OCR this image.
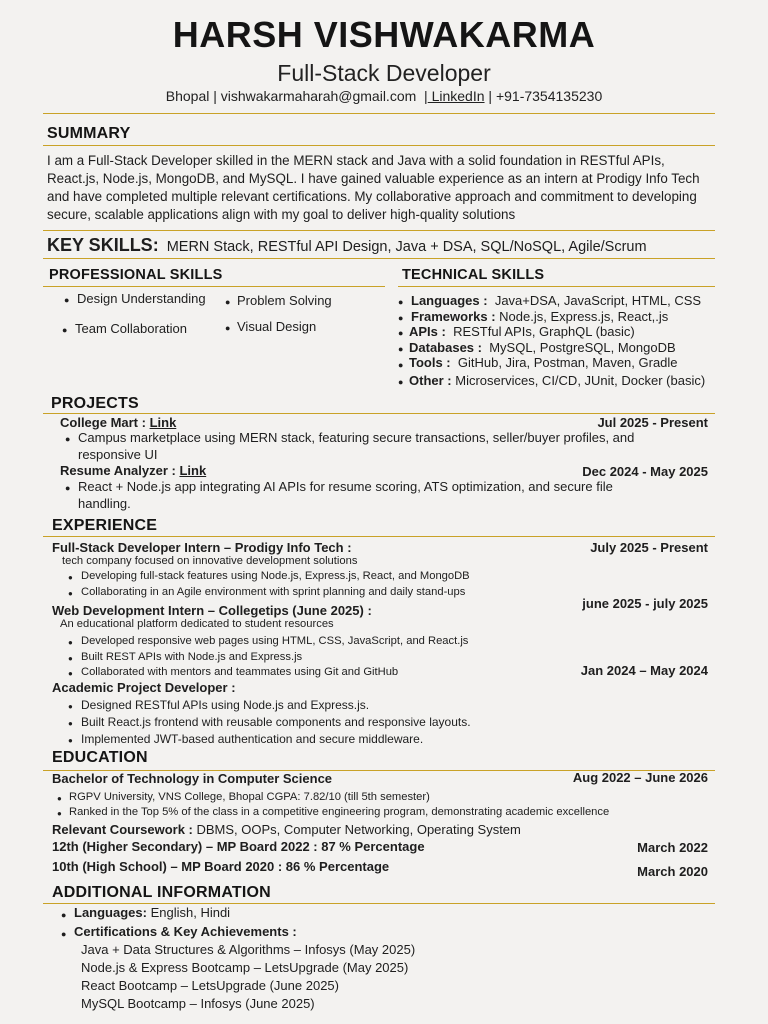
HARSH VISHWAKARMA
Full-Stack Developer
Bhopal | vishwakarmaharah@gmail.com  | LinkedIn | +91-7354135230
SUMMARY
I am a Full-Stack Developer skilled in the MERN stack and Java with a solid foundation in RESTful APIs, React.js, Node.js, MongoDB, and MySQL. I have gained valuable experience as an intern at Prodigy Info Tech and have completed multiple relevant certifications. My collaborative approach and commitment to developing secure, scalable applications align with my goal to deliver high-quality solutions
KEY SKILLS: MERN Stack, RESTful API Design, Java + DSA, SQL/NoSQL, Agile/Scrum
PROFESSIONAL SKILLS
● Design Understanding ● Problem Solving
● Team Collaboration	● Visual Design
TECHNICAL SKILLS
● Languages : Java+DSA, JavaScript, HTML, CSS
● Frameworks : Node.js, Express.js, React,.js
● APIs : RESTful APIs, GraphQL (basic)
● Databases : MySQL, PostgreSQL, MongoDB
● Tools : GitHub, Jira, Postman, Maven, Gradle
● Other : Microservices, CI/CD, JUnit, Docker (basic)
PROJECTS
College Mart : Link	Jul 2025 - Present
● Campus marketplace using MERN stack, featuring secure transactions, seller/buyer profiles, and
responsive UI
Resume Analyzer : Link	Dec 2024 - May 2025
● React + Node.js app integrating AI APIs for resume scoring, ATS optimization, and secure file
handling.
EXPERIENCE
Full-Stack Developer Intern – Prodigy Info Tech :	July 2025 - Present
tech company focused on innovative development solutions
● Developing full-stack features using Node.js, Express.js, React, and MongoDB
● Collaborating in an Agile environment with sprint planning and daily stand-ups
Web Development Intern – Collegetips (June 2025) :	june 2025 - july 2025
An educational platform dedicated to student resources
● Developed responsive web pages using HTML, CSS, JavaScript, and React.js
● Built REST APIs with Node.js and Express.js
● Collaborated with mentors and teammates using Git and GitHub	Jan 2024 – May 2024
Academic Project Developer :
● Designed RESTful APIs using Node.js and Express.js.
● Built React.js frontend with reusable components and responsive layouts.
● Implemented JWT-based authentication and secure middleware.
EDUCATION
Bachelor of Technology in Computer Science	Aug 2022 – June 2026
● RGPV University, VNS College, Bhopal CGPA: 7.82/10 (till 5th semester)
● Ranked in the Top 5% of the class in a competitive engineering program, demonstrating academic excellence
Relevant Coursework : DBMS, OOPs, Computer Networking, Operating System
12th (Higher Secondary) – MP Board 2022 : 87 % Percentage	March 2022
10th (High School) – MP Board 2020 : 86 % Percentage	March 2020
ADDITIONAL INFORMATION
● Languages: English, Hindi
● Certifications & Key Achievements :
Java + Data Structures & Algorithms – Infosys (May 2025)
Node.js & Express Bootcamp – LetsUpgrade (May 2025)
React Bootcamp – LetsUpgrade (June 2025)
MySQL Bootcamp – Infosys (June 2025)
